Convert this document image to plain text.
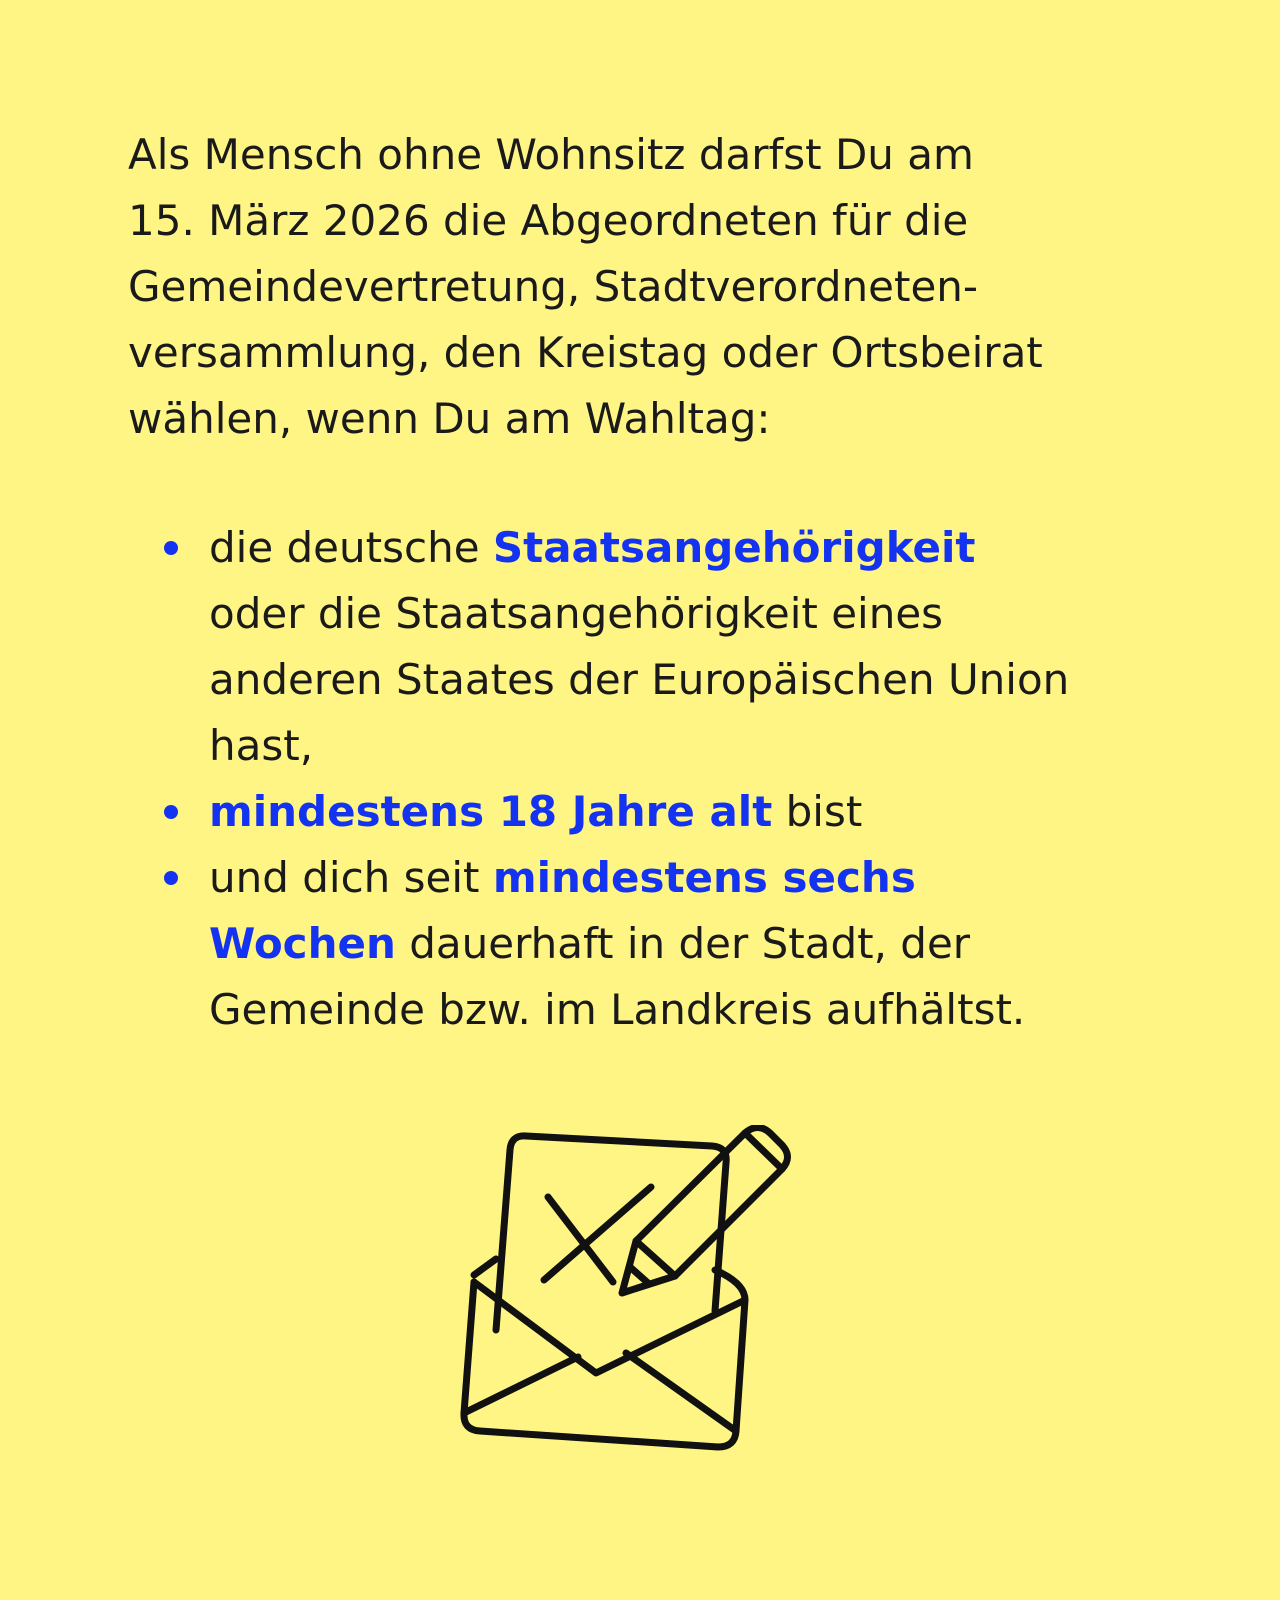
Als Mensch ohne Wohnsitz darfst Du am
15. März 2026 die Abgeordneten für die
Gemeindevertretung, Stadtverordneten-
versammlung, den Kreistag oder Ortsbeirat
wählen, wenn Du am Wahltag:
die deutsche Staatsangehörigkeit
oder die Staatsangehörigkeit eines
anderen Staates der Europäischen Union
hast,
mindestens 18 Jahre alt bist
und dich seit mindestens sechs
Wochen dauerhaft in der Stadt, der
Gemeinde bzw. im Landkreis aufhältst.
